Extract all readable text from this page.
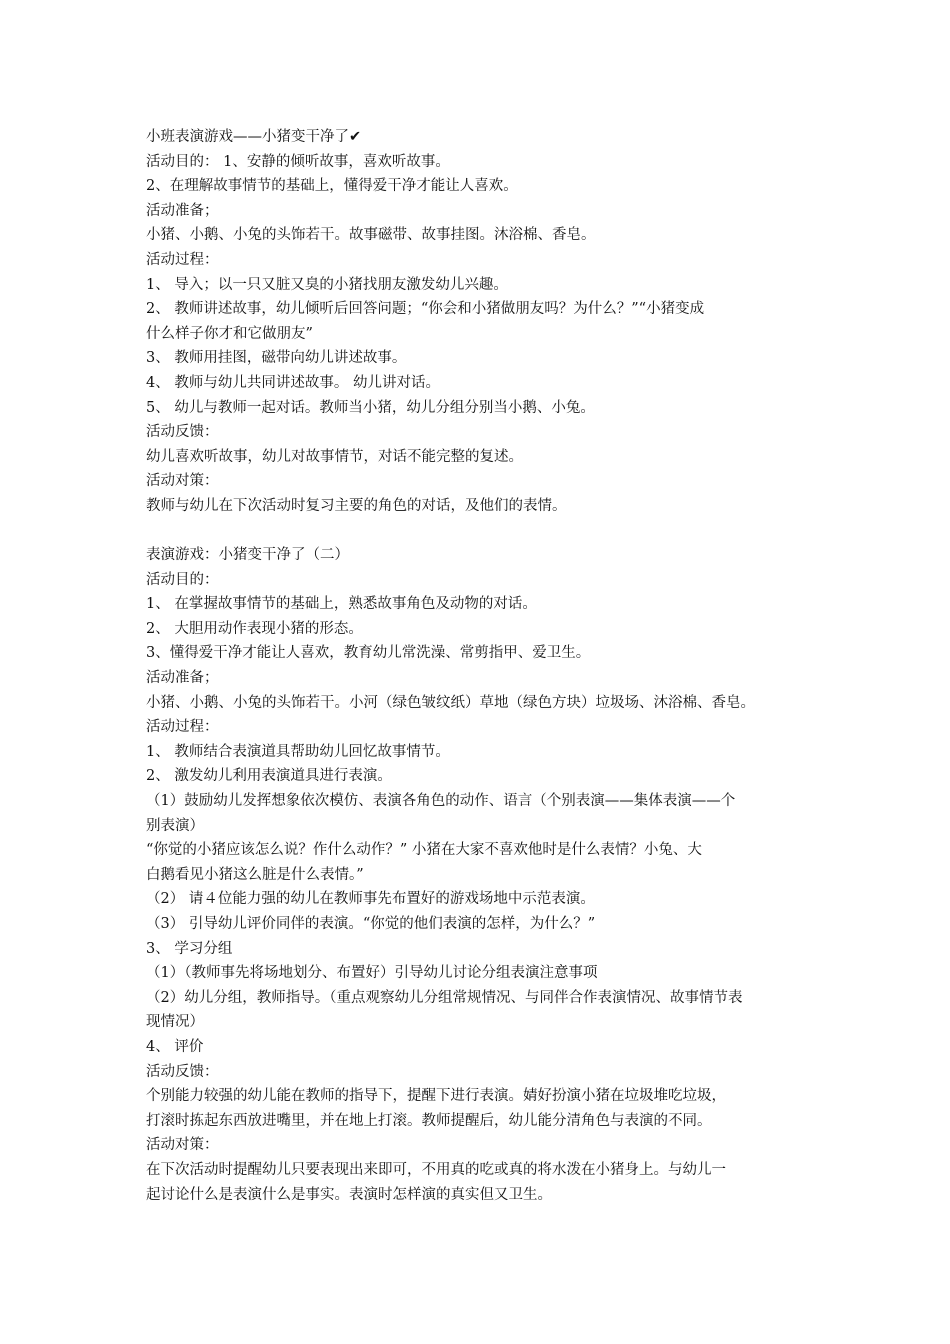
小班表演游戏——小猪变干净了✔
活动目的： 1、安静的倾听故事，喜欢听故事。
2、在理解故事情节的基础上，懂得爱干净才能让人喜欢。
活动准备；
小猪、小鹅、小兔的头饰若干。故事磁带、故事挂图。沐浴棉、香皂。
活动过程：
1、 导入；以一只又脏又臭的小猪找朋友激发幼儿兴趣。
2、 教师讲述故事，幼儿倾听后回答问题；“你会和小猪做朋友吗？为什么？”“小猪变成
什么样子你才和它做朋友”
3、 教师用挂图，磁带向幼儿讲述故事。
4、 教师与幼儿共同讲述故事。 幼儿讲对话。
5、 幼儿与教师一起对话。教师当小猪，幼儿分组分别当小鹅、小兔。
活动反馈：
幼儿喜欢听故事，幼儿对故事情节，对话不能完整的复述。
活动对策：
教师与幼儿在下次活动时复习主要的角色的对话，及他们的表情。
表演游戏：小猪变干净了（二）
活动目的：
1、 在掌握故事情节的基础上，熟悉故事角色及动物的对话。
2、 大胆用动作表现小猪的形态。
3、懂得爱干净才能让人喜欢，教育幼儿常洗澡、常剪指甲、爱卫生。
活动准备；
小猪、小鹅、小兔的头饰若干。小河（绿色皱纹纸）草地（绿色方块）垃圾场、沐浴棉、香皂。
活动过程：
1、 教师结合表演道具帮助幼儿回忆故事情节。
2、 激发幼儿利用表演道具进行表演。
（1）鼓励幼儿发挥想象依次模仿、表演各角色的动作、语言（个别表演——集体表演——个
别表演）
“你觉的小猪应该怎么说？作什么动作？” 小猪在大家不喜欢他时是什么表情？小兔、大
白鹅看见小猪这么脏是什么表情。”
（2） 请４位能力强的幼儿在教师事先布置好的游戏场地中示范表演。
（3） 引导幼儿评价同伴的表演。“你觉的他们表演的怎样，为什么？”
3、 学习分组
（1）（教师事先将场地划分、布置好）引导幼儿讨论分组表演注意事项
（2）幼儿分组，教师指导。（重点观察幼儿分组常规情况、与同伴合作表演情况、故事情节表
现情况）
4、 评价
活动反馈：
个别能力较强的幼儿能在教师的指导下，提醒下进行表演。婧好扮演小猪在垃圾堆吃垃圾，
打滚时拣起东西放进嘴里，并在地上打滚。教师提醒后，幼儿能分清角色与表演的不同。
活动对策：
在下次活动时提醒幼儿只要表现出来即可，不用真的吃或真的将水泼在小猪身上。与幼儿一
起讨论什么是表演什么是事实。表演时怎样演的真实但又卫生。
